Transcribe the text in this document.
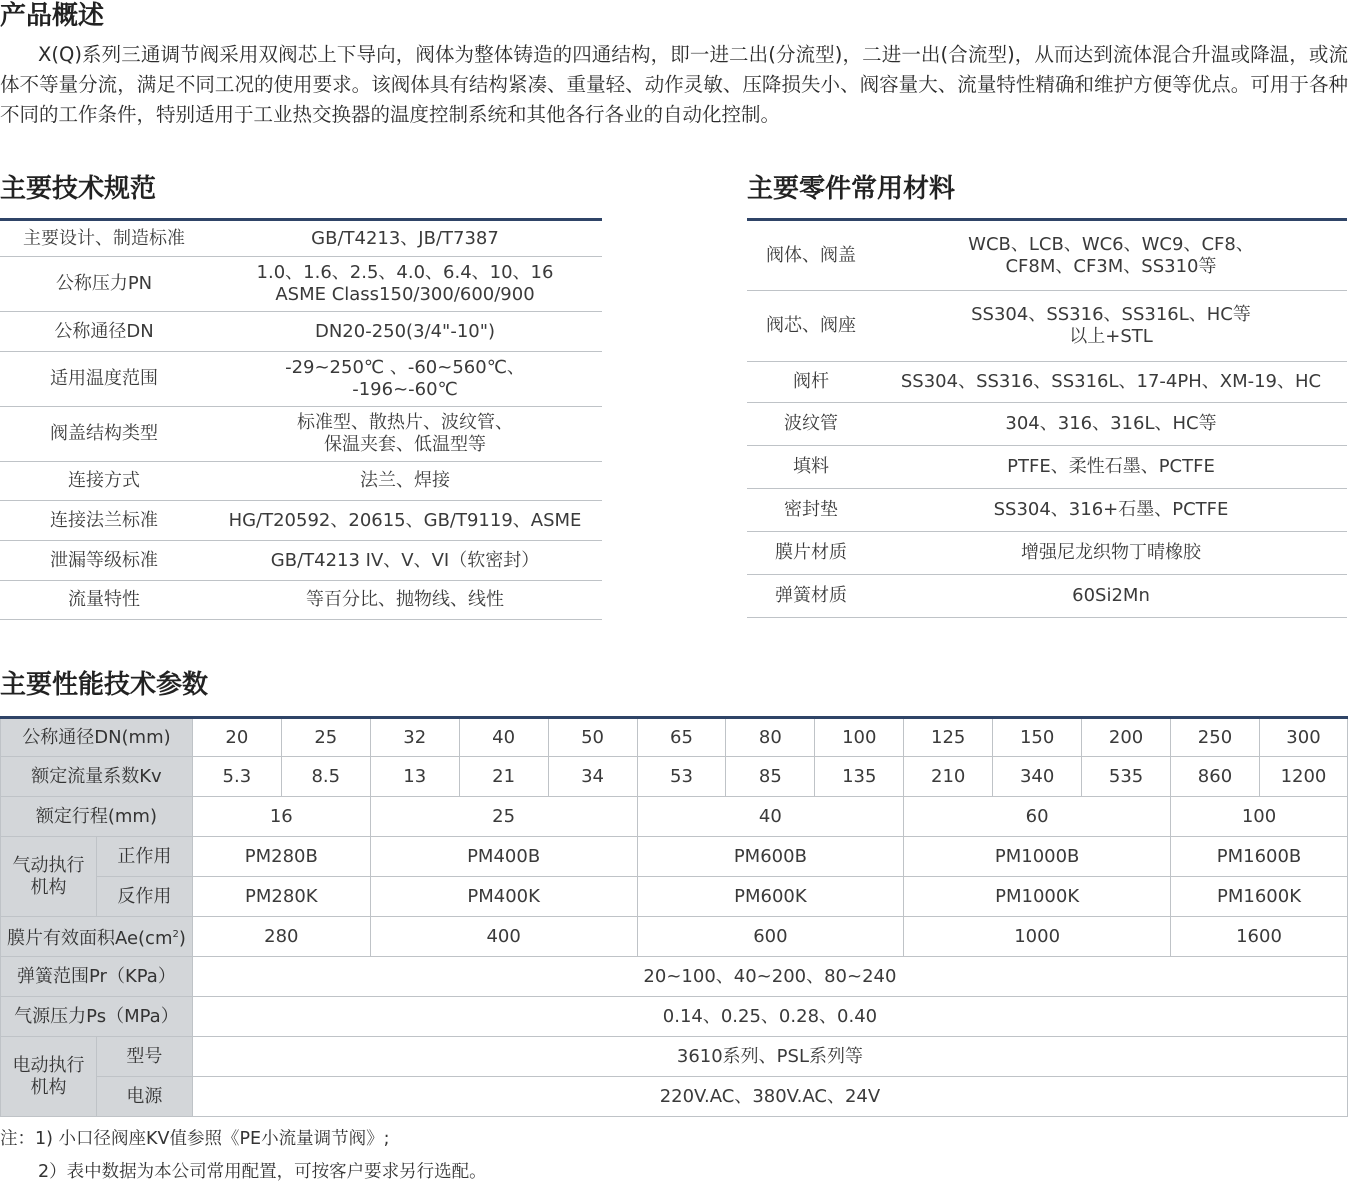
产品概述
X(Q)系列三通调节阀采用双阀芯上下导向，阀体为整体铸造的四通结构，即一进二出(分流型)，二进一出(合流型)，从而达到流体混合升温或降温，或流体不等量分流，满足不同工况的使用要求。该阀体具有结构紧凑、重量轻、动作灵敏、压降损失小、阀容量大、流量特性精确和维护方便等优点。可用于各种不同的工作条件，特别适用于工业热交换器的温度控制系统和其他各行各业的自动化控制。
主要技术规范
主要设计、制造标准	GB/T4213、JB/T7387

公称压力PN	1.0、1.6、2.5、4.0、6.4、10、16
ASME Class150/300/600/900

公称通径DN	DN20-250(3/4"-10")

适用温度范围	-29~250℃ 、-60~560℃、
-196~-60℃

阀盖结构类型	标准型、散热片、波纹管、
保温夹套、低温型等

连接方式	法兰、焊接

连接法兰标准	HG/T20592、20615、GB/T9119、ASME

泄漏等级标准	GB/T4213 IV、V、VI（软密封）

流量特性	等百分比、抛物线、线性
主要零件常用材料
阀体、阀盖	WCB、LCB、WC6、WC9、CF8、
CF8M、CF3M、SS310等

阀芯、阀座	SS304、SS316、SS316L、HC等
以上+STL

阀杆	SS304、SS316、SS316L、17-4PH、XM-19、HC

波纹管	304、316、316L、HC等

填料	PTFE、柔性石墨、PCTFE

密封垫	SS304、316+石墨、PCTFE

膜片材质	增强尼龙织物丁晴橡胶

弹簧材质	60Si2Mn
主要性能技术参数
公称通径DN(mm)		20	25	32	40	50	65	80	100	125	150	200	250	300
额定流量系数Kv		5.3	8.5	13	21	34	53	85	135	210	340	535	860	1200
额定行程(mm)		16		25			40			60			100	

气动执行机构	正作用	PM280B		PM400B			PM600B			PM1000B			PM1600B	
	反作用	PM280K		PM400K			PM600K			PM1000K			PM1600K	
膜片有效面积$Ae(cm^2)$		280		400			600			1000			1600	
弹簧范围Pr（KPa）		20~100、40~200、80~240												
气源压力Ps（MPa）		0.14、0.25、0.28、0.40												

电动执行机构	型号	3610系列、PSL系列等												
	电源	220V.AC、380V.AC、24V												
注：1) 小口径阀座KV值参照《PE小流量调节阀》;
2）表中数据为本公司常用配置，可按客户要求另行选配。
